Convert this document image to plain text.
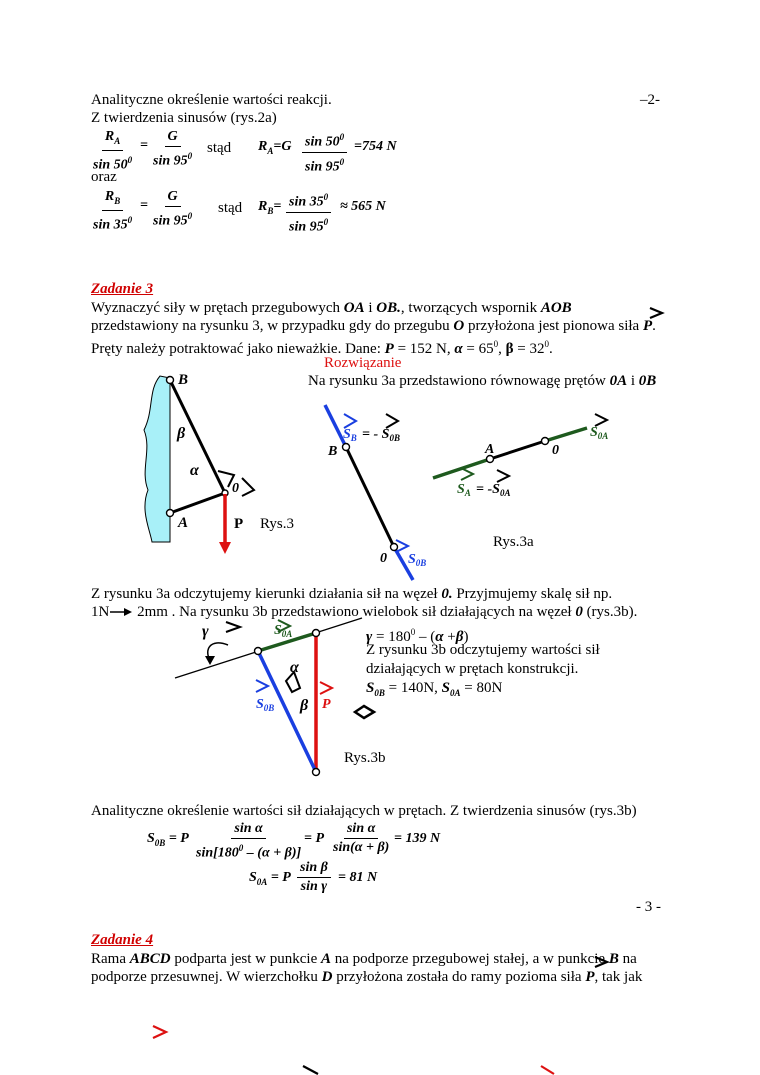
Analityczne określenie wartości reakcji.	–2-
Z twierdzenia sinusów (rys.2a)
$\frac{R_A}{\sin 50^0} = \frac{G}{\sin 95^0}$ stąd $R_A=G \frac{\sin 50^0}{\sin 95^0} =754$ N
oraz
$\frac{R_B}{\sin 35^0} = \frac{G}{\sin 95^0}$ stąd $R_B= \frac{\sin 35^0}{\sin 95^0} \approx 565$ N
Zadanie 3
Wyznaczyć siły w prętach przegubowych OA i OB., tworzących wspornik AOB
przedstawiony na rysunku 3, w przypadku gdy do przegubu O przyłożona jest pionowa siła P.
Pręty należy potraktować jako nieważkie. Dane: P = 152 N, $\alpha = 65^0$, $\beta = 32^0$.
Rozwiązanie
Na rysunku 3a przedstawiono równowagę prętów 0A i 0B
B
A
0
P
β
α
Rys.3
$S_B$ = - $S_{0B}$
B
0 $S_{0B}$
A	0
$S_{0A}$
$S_A = -S_{0A}$
Rys.3a
Z rysunku 3a odczytujemy kierunki działania sił na węzeł 0. Przyjmujemy skalę sił np.
1N 2mm . Na rysunku 3b przedstawiono wielobok sił działających na węzeł 0 (rys.3b).
γ	$S_{0A}$
α
β
$S_{0B}$	P
Rys.3b
$\gamma = 180^0 - (\alpha +\beta)$
Z rysunku 3b odczytujemy wartości sił
działających w prętach konstrukcji.
$S_{0B} = 140N$, $S_{0A} = 80N$
Analityczne określenie wartości sił działających w prętach. Z twierdzenia sinusów (rys.3b)
$S_{0B} = P \frac{\text{sin α}}{\sin[180^0 - (\alpha + \beta)]} = P \frac{\text{sin α}}{\sin(\alpha + \beta)} = 139$ N
$S_{0A} = P \frac{\text{sin β}}{\text{sin γ}} = 81$ N
- 3 -
Zadanie 4
Rama ABCD podparta jest w punkcie A na podporze przegubowej stałej, a w punkcie B na
podporze przesuwnej. W wierzchołku D przyłożona została do ramy pozioma siła P, tak jak
